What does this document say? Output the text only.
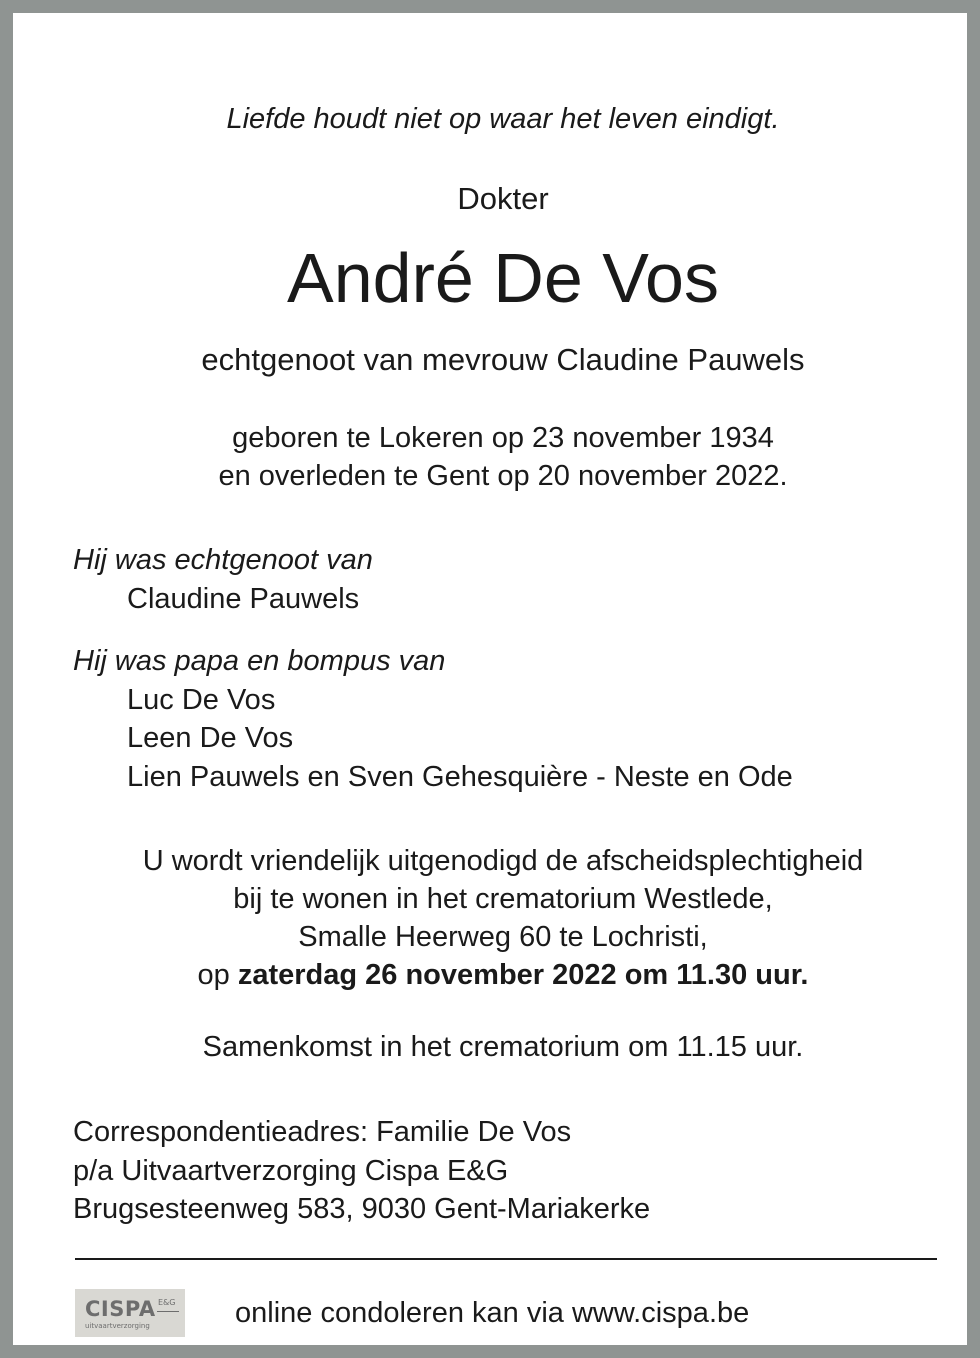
Liefde houdt niet op waar het leven eindigt.
Dokter
André De Vos
echtgenoot van mevrouw Claudine Pauwels
geboren te Lokeren op 23 november 1934
en overleden te Gent op 20 november 2022.
Hij was echtgenoot van
Claudine Pauwels
Hij was papa en bompus van
Luc De Vos
Leen De Vos
Lien Pauwels en Sven Gehesquière - Neste en Ode
U wordt vriendelijk uitgenodigd de afscheidsplechtigheid
bij te wonen in het crematorium Westlede,
Smalle Heerweg 60 te Lochristi,
op zaterdag 26 november 2022 om 11.30 uur.
Samenkomst in het crematorium om 11.15 uur.
Correspondentieadres: Familie De Vos
p/a Uitvaartverzorging Cispa E&G
Brugsesteenweg 583, 9030 Gent-Mariakerke
CISPA E&G
uitvaartverzorging	online condoleren kan via www.cispa.be
